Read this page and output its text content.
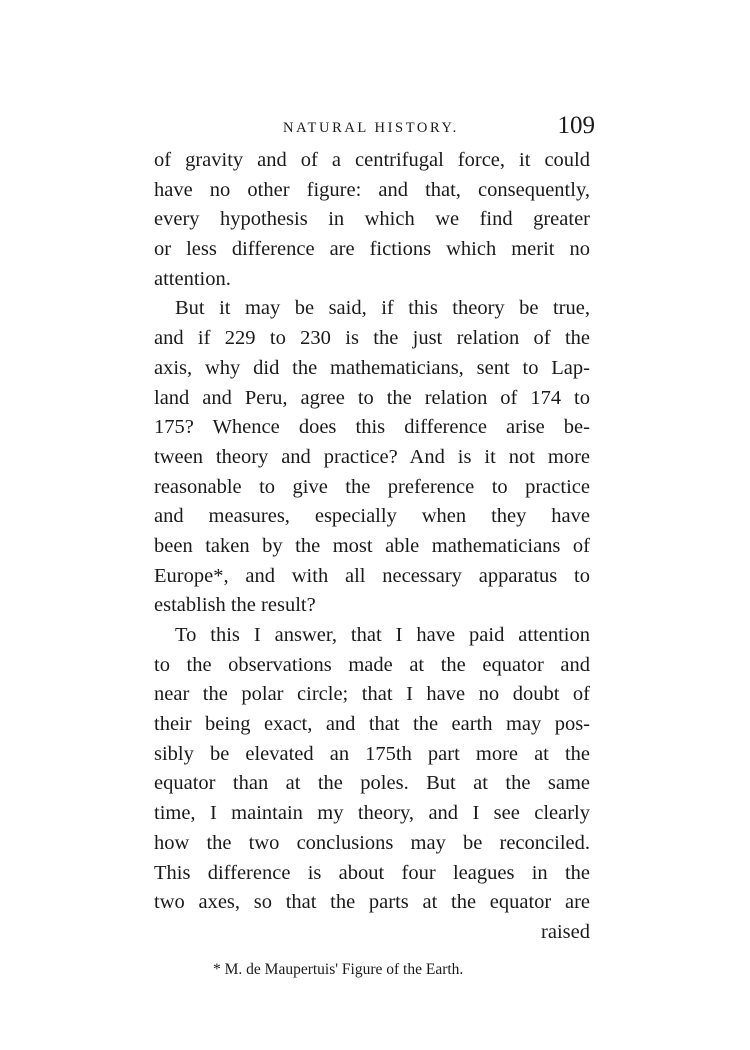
NATURAL HISTORY.	109
of gravity and of a centrifugal force, it could
have no other figure: and that, consequently,
every hypothesis in which we find greater
or less difference are fictions which merit no
attention.
But it may be said, if this theory be true,
and if 229 to 230 is the just relation of the
axis, why did the mathematicians, sent to Lap-
land and Peru, agree to the relation of 174 to
175? Whence does this difference arise be-
tween theory and practice? And is it not more
reasonable to give the preference to practice
and measures, especially when they have
been taken by the most able mathematicians of
Europe*, and with all necessary apparatus to
establish the result?
To this I answer, that I have paid attention
to the observations made at the equator and
near the polar circle; that I have no doubt of
their being exact, and that the earth may pos-
sibly be elevated an 175th part more at the
equator than at the poles. But at the same
time, I maintain my theory, and I see clearly
how the two conclusions may be reconciled.
This difference is about four leagues in the
two axes, so that the parts at the equator are
raised
* M. de Maupertuis' Figure of the Earth.
